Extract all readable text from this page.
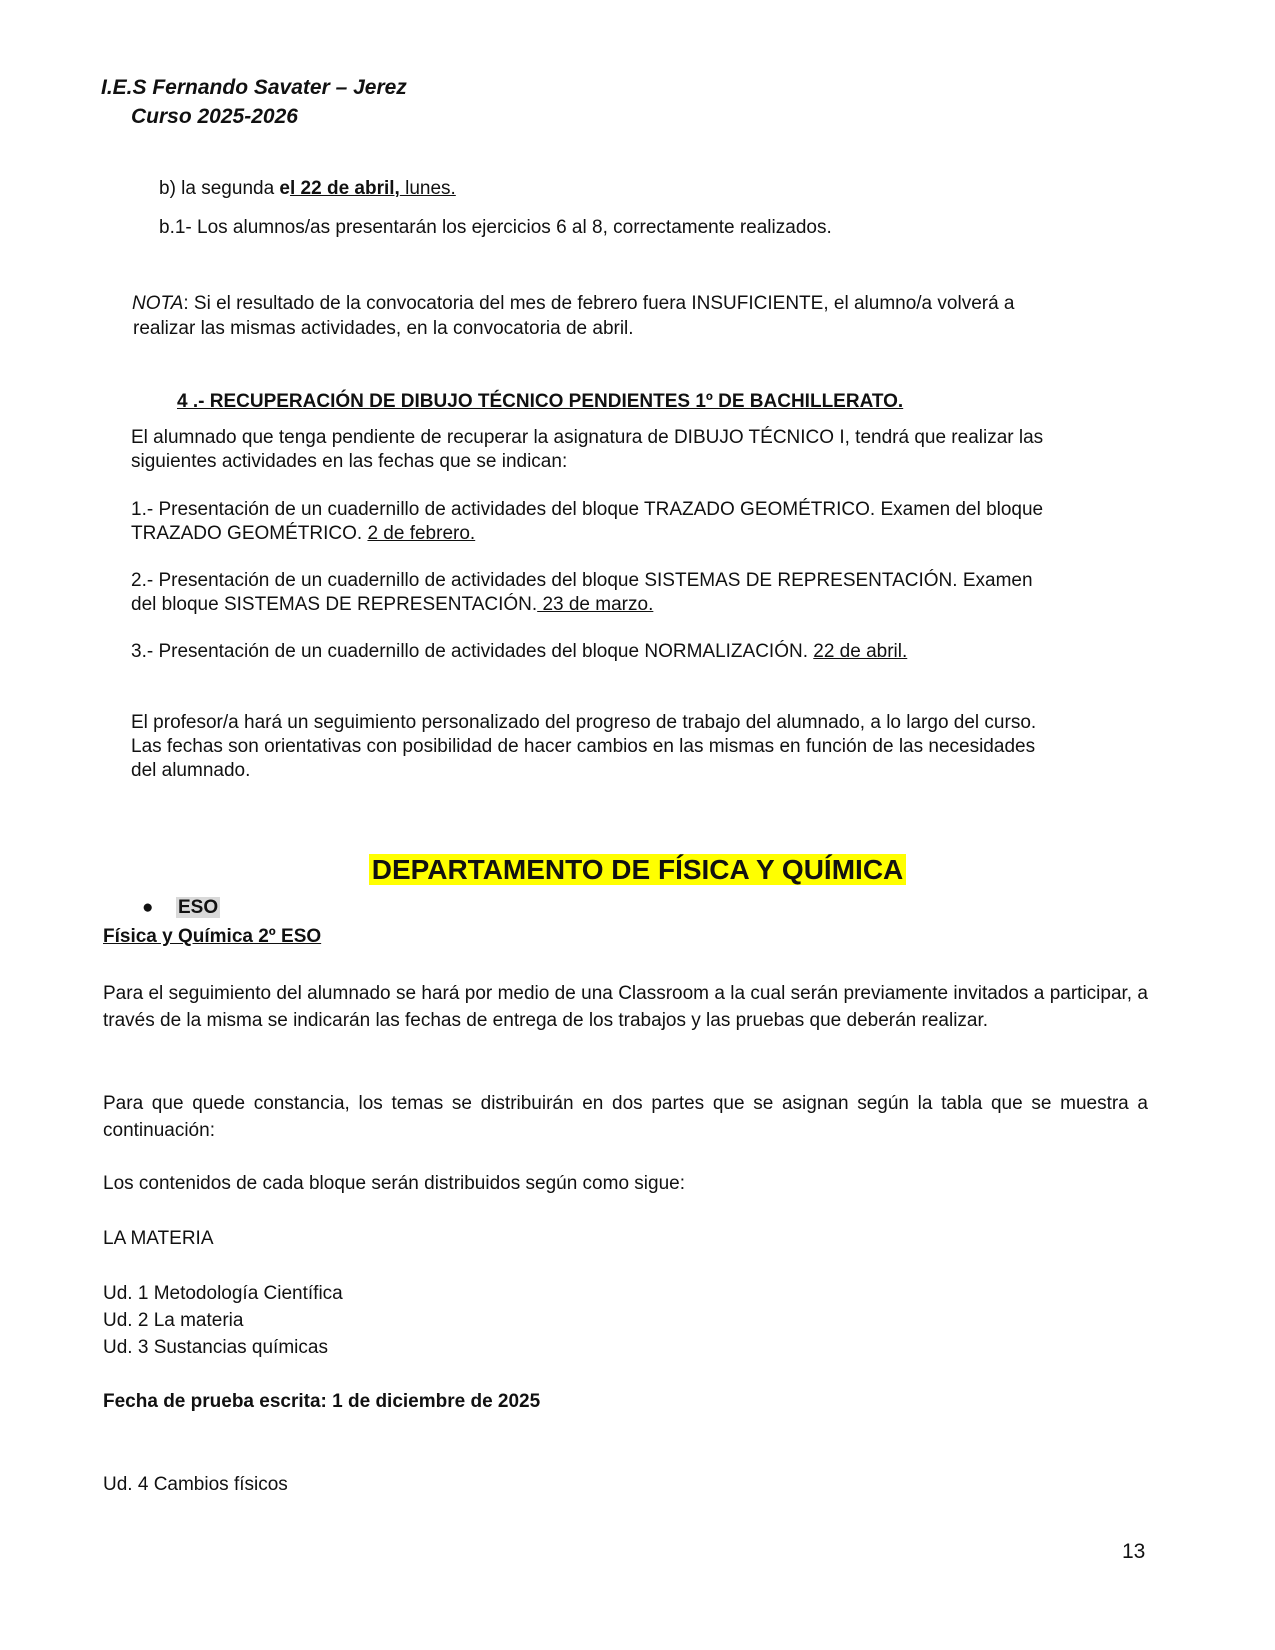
I.E.S Fernando Savater – Jerez
Curso 2025-2026
b) la segunda el 22 de abril, lunes.
b.1- Los alumnos/as presentarán los ejercicios 6 al 8, correctamente realizados.
NOTA: Si el resultado de la convocatoria del mes de febrero fuera INSUFICIENTE, el alumno/a volverá a
realizar las mismas actividades, en la convocatoria de abril.
4 .- RECUPERACIÓN DE DIBUJO TÉCNICO PENDIENTES 1º DE BACHILLERATO.
El alumnado que tenga pendiente de recuperar la asignatura de DIBUJO TÉCNICO I, tendrá que realizar las
siguientes actividades en las fechas que se indican:
1.- Presentación de un cuadernillo de actividades del bloque TRAZADO GEOMÉTRICO. Examen del bloque
TRAZADO GEOMÉTRICO. 2 de febrero.
2.- Presentación de un cuadernillo de actividades del bloque SISTEMAS DE REPRESENTACIÓN. Examen
del bloque SISTEMAS DE REPRESENTACIÓN. 23 de marzo.
3.- Presentación de un cuadernillo de actividades del bloque NORMALIZACIÓN. 22 de abril.
El profesor/a hará un seguimiento personalizado del progreso de trabajo del alumnado, a lo largo del curso.
Las fechas son orientativas con posibilidad de hacer cambios en las mismas en función de las necesidades
del alumnado.
DEPARTAMENTO DE FÍSICA Y QUÍMICA
● ESO
Física y Química 2º ESO
Para el seguimiento del alumnado se hará por medio de una Classroom a la cual serán previamente invitados a participar, a través de la misma se indicarán las fechas de entrega de los trabajos y las pruebas que deberán realizar.
Para que quede constancia, los temas se distribuirán en dos partes que se asignan según la tabla que se muestra a continuación:
Los contenidos de cada bloque serán distribuidos según como sigue:
LA MATERIA
Ud. 1 Metodología Científica
Ud. 2 La materia
Ud. 3 Sustancias químicas
Fecha de prueba escrita: 1 de diciembre de 2025
Ud. 4 Cambios físicos
13
